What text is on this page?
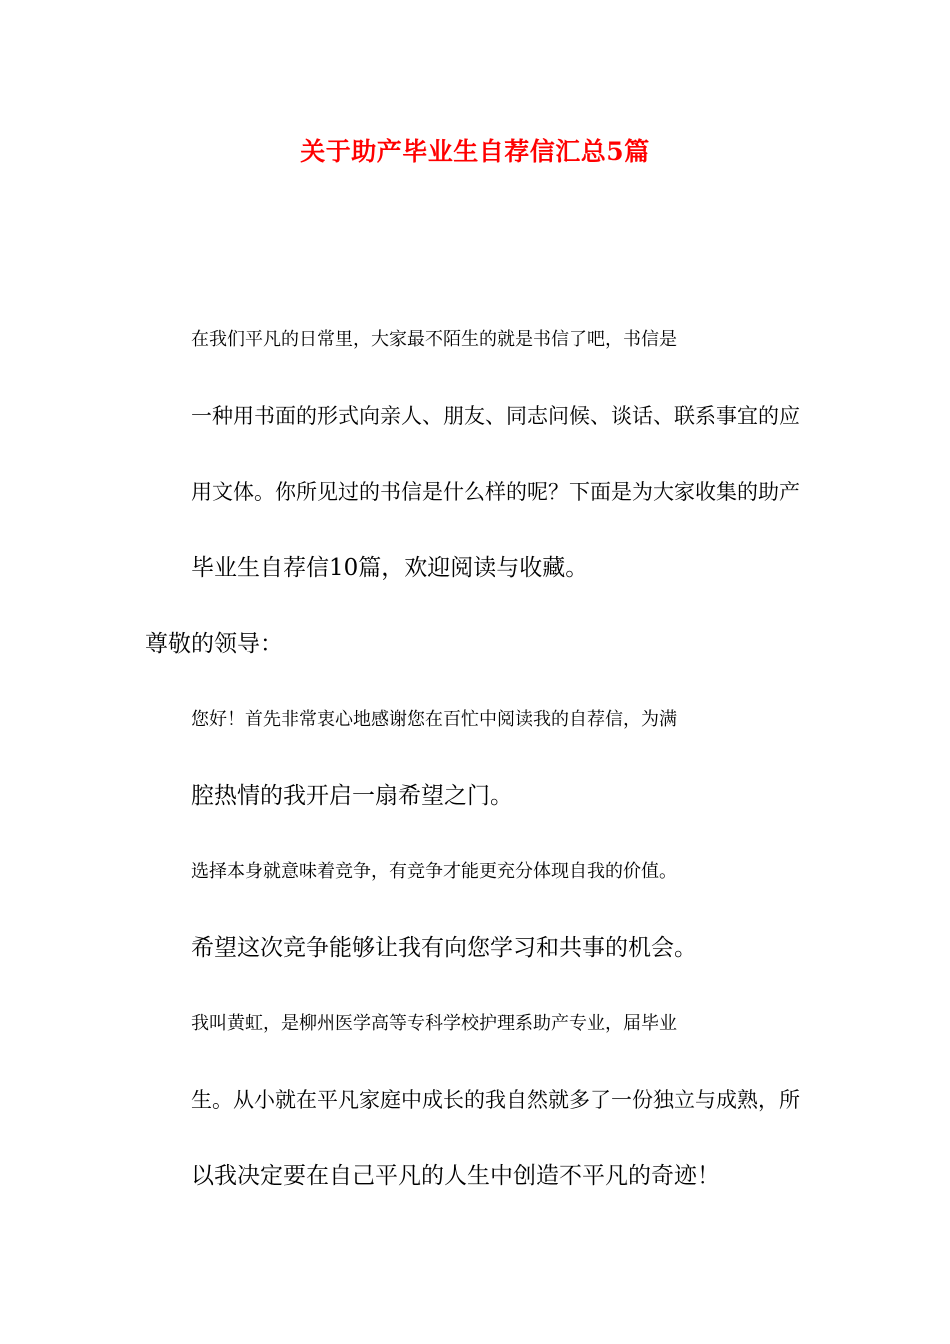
关于助产毕业生自荐信汇总5篇

在我们平凡的日常里，大家最不陌生的就是书信了吧，书信是
一种用书面的形式向亲人、朋友、同志问候、谈话、联系事宜的应
用文体。你所见过的书信是什么样的呢？下面是为大家收集的助产
毕业生自荐信10篇，欢迎阅读与收藏。

尊敬的领导：

您好！首先非常衷心地感谢您在百忙中阅读我的自荐信，为满
腔热情的我开启一扇希望之门。

选择本身就意味着竞争，有竞争才能更充分体现自我的价值。
希望这次竞争能够让我有向您学习和共事的机会。

我叫黄虹，是柳州医学高等专科学校护理系助产专业，届毕业
生。从小就在平凡家庭中成长的我自然就多了一份独立与成熟，所
以我决定要在自己平凡的人生中创造不平凡的奇迹！
